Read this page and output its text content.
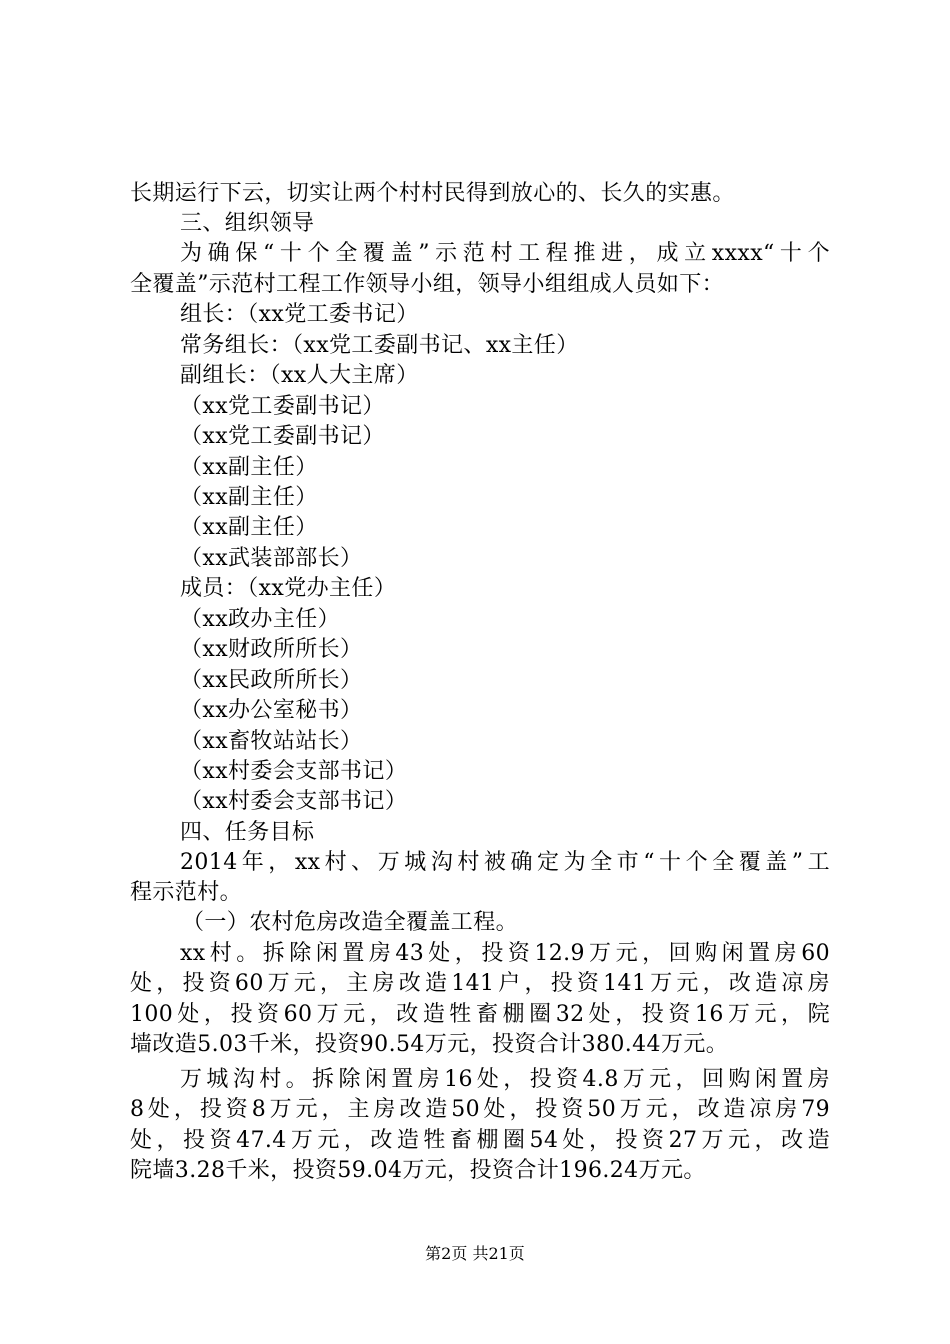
长期运行下云，切实让两个村村民得到放心的、长久的实惠。
三、组织领导
为确保“十个全覆盖”示范村工程推进，成立xxxx“十个
全覆盖”示范村工程工作领导小组，领导小组组成人员如下：
组长：（xx党工委书记）
常务组长：（xx党工委副书记、xx主任）
副组长：（xx人大主席）
（xx党工委副书记）
（xx党工委副书记）
（xx副主任）
（xx副主任）
（xx副主任）
（xx武装部部长）
成员：（xx党办主任）
（xx政办主任）
（xx财政所所长）
（xx民政所所长）
（xx办公室秘书）
（xx畜牧站站长）
（xx村委会支部书记）
（xx村委会支部书记）
四、任务目标
2014年，xx村、万城沟村被确定为全市“十个全覆盖”工
程示范村。
（一）农村危房改造全覆盖工程。
xx村。拆除闲置房43处，投资12.9万元，回购闲置房60
处，投资60万元，主房改造141户，投资141万元，改造凉房
100处，投资60万元，改造牲畜棚圈32处，投资16万元，院
墙改造5.03千米，投资90.54万元，投资合计380.44万元。
万城沟村。拆除闲置房16处，投资4.8万元，回购闲置房
8处，投资8万元，主房改造50处，投资50万元，改造凉房79
处，投资47.4万元，改造牲畜棚圈54处，投资27万元，改造
院墙3.28千米，投资59.04万元，投资合计196.24万元。
第2页 共21页
